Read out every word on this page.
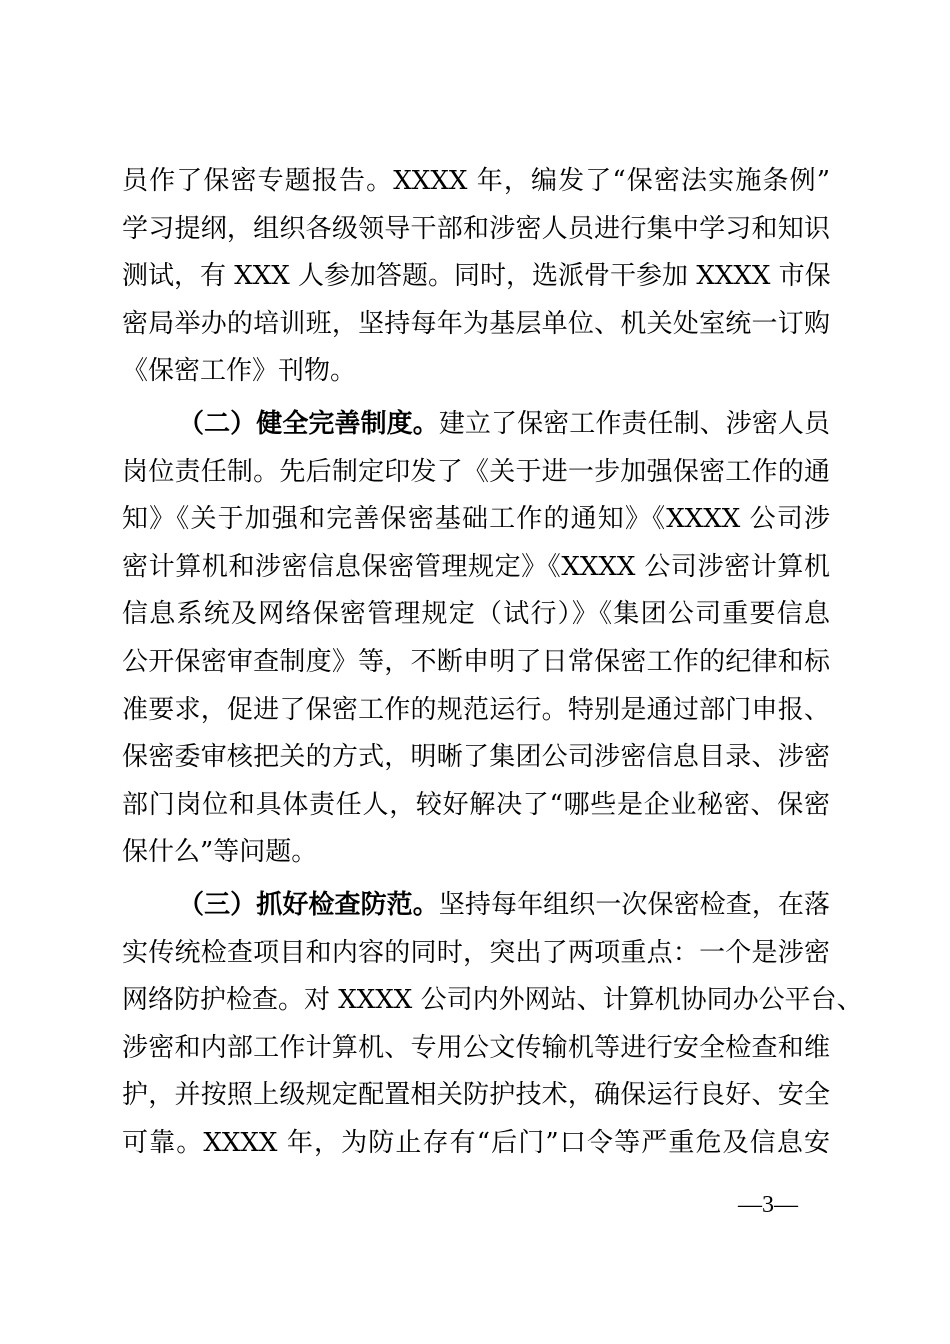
员作了保密专题报告。XXXX 年，编发了“保密法实施条例”
学习提纲，组织各级领导干部和涉密人员进行集中学习和知识
测试，有 XXX 人参加答题。同时，选派骨干参加 XXXX 市保
密局举办的培训班，坚持每年为基层单位、机关处室统一订购
《保密工作》刊物。
（二）健全完善制度。建立了保密工作责任制、涉密人员
岗位责任制。先后制定印发了《关于进一步加强保密工作的通
知》《关于加强和完善保密基础工作的通知》《XXXX 公司涉
密计算机和涉密信息保密管理规定》《XXXX 公司涉密计算机
信息系统及网络保密管理规定（试行）》《集团公司重要信息
公开保密审查制度》等，不断申明了日常保密工作的纪律和标
准要求，促进了保密工作的规范运行。特别是通过部门申报、
保密委审核把关的方式，明晰了集团公司涉密信息目录、涉密
部门岗位和具体责任人，较好解决了“哪些是企业秘密、保密
保什么”等问题。
（三）抓好检查防范。坚持每年组织一次保密检查，在落
实传统检查项目和内容的同时，突出了两项重点：一个是涉密
网络防护检查。对 XXXX 公司内外网站、计算机协同办公平台、
涉密和内部工作计算机、专用公文传输机等进行安全检查和维
护，并按照上级规定配置相关防护技术，确保运行良好、安全
可靠。XXXX 年，为防止存有“后门”口令等严重危及信息安
—3—
